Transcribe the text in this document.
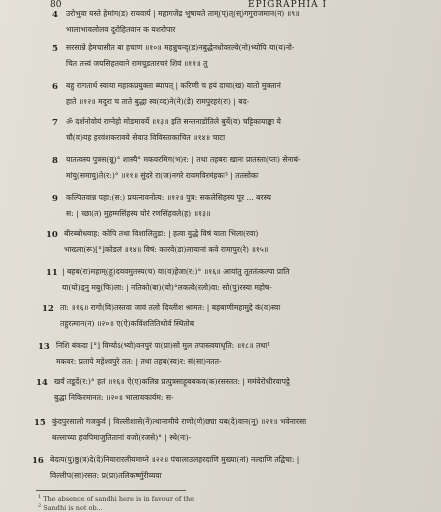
80	EPIGRAPHIA I
4 उरोभुवा यस्ते हेमांग(ड) रायवार्य | महागजेंद्र भूषायते ताम्(प्)त्(स्)गगुराजमान(न) ॥९॥
भालाभावलोलव दुरोहितवान क यशरोपार
5 सरसान्ने हेमचासीत बा हचाण ॥१०॥ महन्नुचन्द्(ड)नबुद्धेनधोवरल्वे(नो)भ्योपि या(य)नो-
चित तत्त्वं जयसिहतवाने रामचूडतारचरं शिवं ॥११॥ तु
6 बहु रागतार्थ स्वाया महाकप्रयुक्ता ब्यापत् | करिणी च हयं दाचा(ख) यातो मुक्तानं
हाते ॥१२॥ मदुरा च ताते बुद्धा स्व(व्द)ने(ने)(डे) रामपुरहरं(रः) | बद-
7 ॐ दर्शनोवोयं राग्नेहो मोडमावर्ये ॥१३॥ इति सन्तनाडोतिले बुर्ये(व) चट्टिकायाङ्का ये
चौ(व)यह हरवंशकरावये सेवाउ विविस्ताकाचित ॥१४॥ चाटा
8 यातत्वस्य पुत्रस(न्नू)° शास्यै° मकवरमिग(भ)र: | तथा तहबरः खानः प्रातस्ता(प्तः) सेनाबं-
मांयु(समायु)ते(र:)° ॥११॥ सुंदरे रा(ज)नगरे रावमविरमंहकः³ | ततसोकः
9 कल्पितवान्न पहा:(स:) प्रयत्नावनोत्य: ॥१२॥ पुत्र: सकलेसिहस्य पूर ... बरस्य
स: | च्छा(त) मुहम्मसिंहस्य घोरं रणसिंहवले(ह) ॥१३॥
10 बीरब्बोधवाह: कोपि तथा विशालितुडा: | हत्वा युद्धे विषं याता भिला(रवा)
भाख्ला(रू)[°]कोडलं ॥१४॥ विषं: कारवे(डा)लायानां कवे रामापुर(रे) ॥१५॥
11 | बहब(रा)महाम्(हू)दयवमुतस्य(च) या(व)हेजा(र:)° ॥१६॥ आयांतु तूततंत्कल्पा प्राति
या(यो)ड्नु मबु(फि)ला: | नतिको(बा)(यो)°लकत्वे(रलो)वा: सो(पु)रस्या महोष-
12 ता: ॥१६॥ रागो(वि)तस्तवा जावं तलो दिव्लीश श्रामत: | बहबाणीमहामुद्दे कं(व)स्वा
तहुरत्मान(न) ॥२०॥ ए(ऐ)कविंशतितिथोर्व स्थितोब
13 निशि बंकदा [°] विग्योऽ(भ्यो)वनपुरं पा(प्रा)सो मुल तपास्त्वयाधृति: ॥१८॥ तथा¹
मकवर: प्रतापे महेश्वपुरे तत: | तथा तहब(स्व)र: सं(सा)नतत-
14 खर्वं तडूदें(र:)° हतं ॥१६॥ ऐ(ए)कलिन्न प्रत्पुत्रसाहूबबकव(क)रसस्तत: | ममंवेरोधीरवापट्ठे
बुद्धा निकिरमानत: ॥२०॥ भालायकार्यम: स-
15 कुंदपुरसालो गजकुर्व | विल्लीशासे(नें)त्थानामीये राणो(णे)छ्या यब(दे)वान(नू) ॥२१॥ भवेनारसा
बल्लाच्या हवपिमाजुतितानां वजो(रजसे)° | स्थे(नः)-
16 बेदत्प(पु)ष्ठु(त्र)दे(दे)नियारारलीयमाय्ने ॥२२॥ पंचालाउलहरदाणि मुख्या(नां) नल्दाणि तद्विचा: |
विल्लीप(सा)रसत: प्र(प्रा)तलिकर्ष्णुरीव्यवा
$^1$ The absence of sandhi here is in favour of the
$^2$ Sandhi is not ob...
